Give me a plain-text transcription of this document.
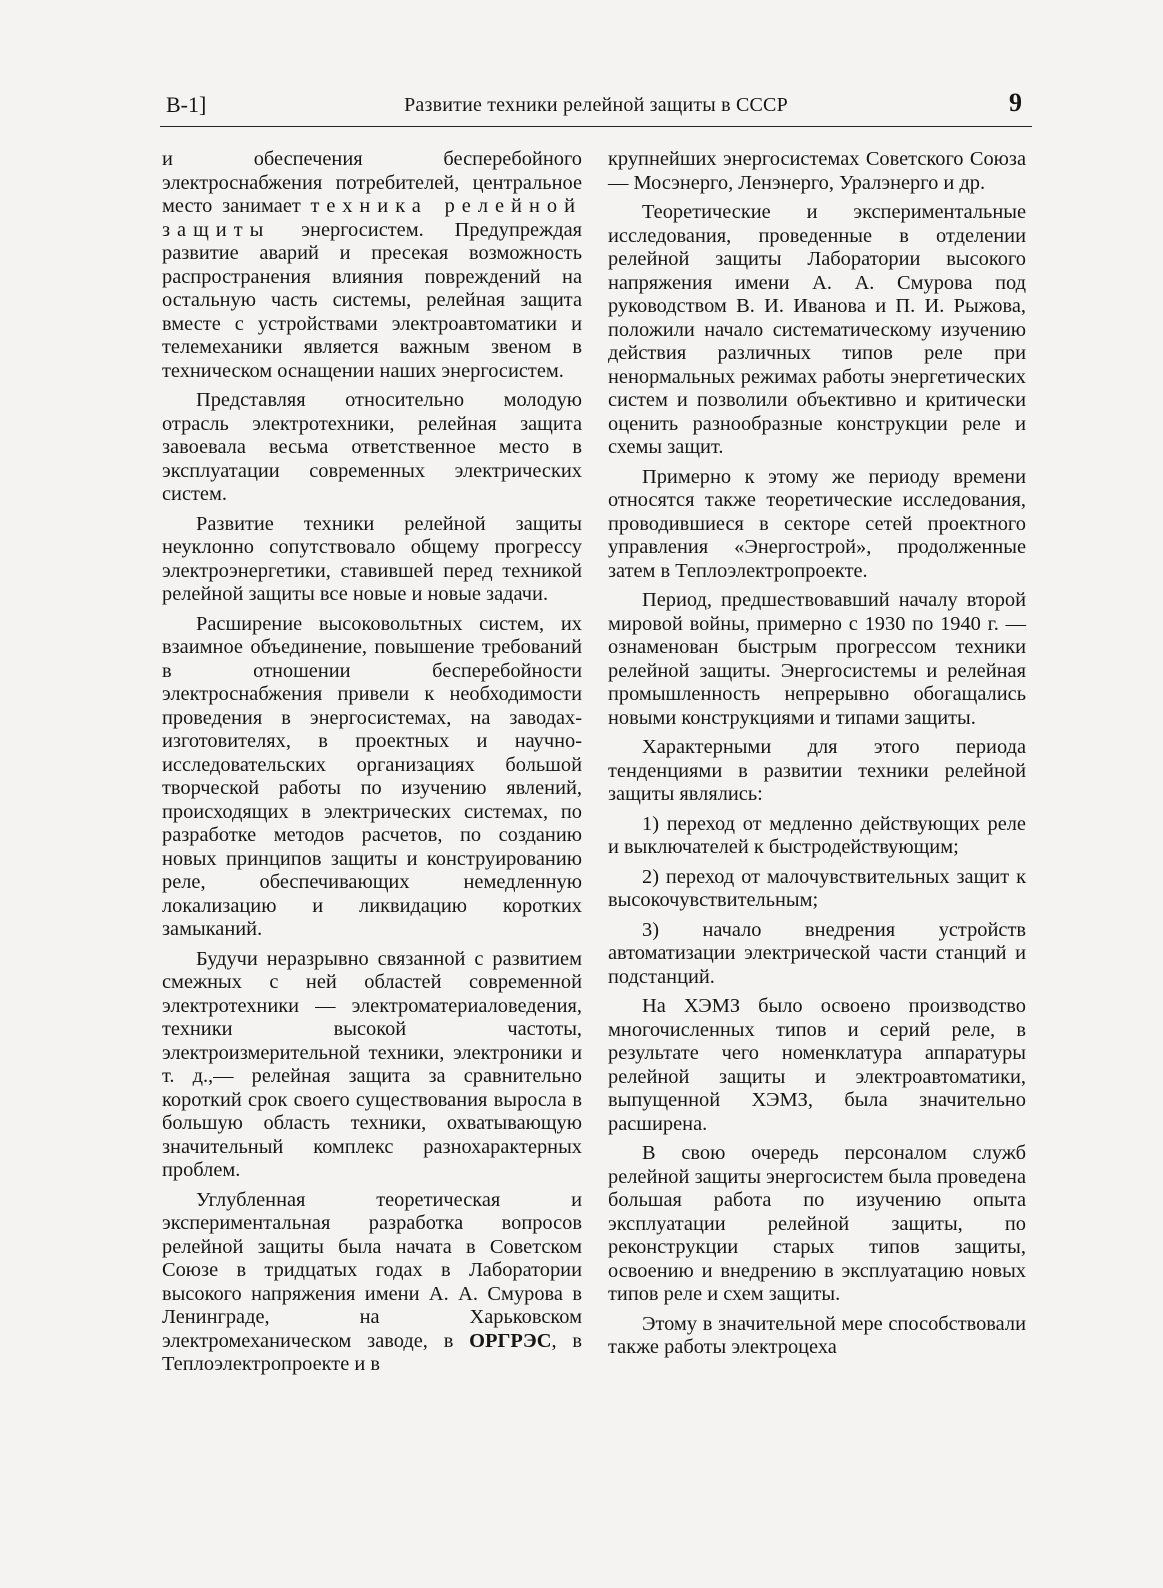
В-1]	Развитие техники релейной защиты в СССР	9

и обеспечения бесперебойного электроснабжения потребителей, центральное место занимает техника релейной защиты энергосистем. Предупреждая развитие аварий и пресекая возможность распространения влияния повреждений на остальную часть системы, релейная защита вместе с устройствами электроавтоматики и телемеханики является важным звеном в техническом оснащении наших энергосистем.

Представляя относительно молодую отрасль электротехники, релейная защита завоевала весьма ответственное место в эксплуатации современных электрических систем.

Развитие техники релейной защиты неуклонно сопутствовало общему прогрессу электроэнергетики, ставившей перед техникой релейной защиты все новые и новые задачи.

Расширение высоковольтных систем, их взаимное объединение, повышение требований в отношении бесперебойности электроснабжения привели к необходимости проведения в энергосистемах, на заводах-изготовителях, в проектных и научно-исследовательских организациях большой творческой работы по изучению явлений, происходящих в электрических системах, по разработке методов расчетов, по созданию новых принципов защиты и конструированию реле, обеспечивающих немедленную локализацию и ликвидацию коротких замыканий.

Будучи неразрывно связанной с развитием смежных с ней областей современной электротехники — электроматериаловедения, техники высокой частоты, электроизмерительной техники, электроники и т. д.,— релейная защита за сравнительно короткий срок своего существования выросла в большую область техники, охватывающую значительный комплекс разнохарактерных проблем.

Углубленная теоретическая и экспериментальная разработка вопросов релейной защиты была начата в Советском Союзе в тридцатых годах в Лаборатории высокого напряжения имени А. А. Смурова в Ленинграде, на Харьковском электромеханическом заводе, в ОРГРЭС, в Теплоэлектропроекте и в

крупнейших энергосистемах Советского Союза — Мосэнерго, Ленэнерго, Уралэнерго и др.

Теоретические и экспериментальные исследования, проведенные в отделении релейной защиты Лаборатории высокого напряжения имени А. А. Смурова под руководством В. И. Иванова и П. И. Рыжова, положили начало систематическому изучению действия различных типов реле при ненормальных режимах работы энергетических систем и позволили объективно и критически оценить разнообразные конструкции реле и схемы защит.

Примерно к этому же периоду времени относятся также теоретические исследования, проводившиеся в секторе сетей проектного управления «Энергострой», продолженные затем в Теплоэлектропроекте.

Период, предшествовавший началу второй мировой войны, примерно с 1930 по 1940 г. — ознаменован быстрым прогрессом техники релейной защиты. Энергосистемы и релейная промышленность непрерывно обогащались новыми конструкциями и типами защиты.

Характерными для этого периода тенденциями в развитии техники релейной защиты являлись:

1) переход от медленно действующих реле и выключателей к быстродействующим;

2) переход от малочувствительных защит к высокочувствительным;

3) начало внедрения устройств автоматизации электрической части станций и подстанций.

На ХЭМЗ было освоено производство многочисленных типов и серий реле, в результате чего номенклатура аппаратуры релейной защиты и электроавтоматики, выпущенной ХЭМЗ, была значительно расширена.

В свою очередь персоналом служб релейной защиты энергосистем была проведена большая работа по изучению опыта эксплуатации релейной защиты, по реконструкции старых типов защиты, освоению и внедрению в эксплуатацию новых типов реле и схем защиты.

Этому в значительной мере способствовали также работы электроцеха
